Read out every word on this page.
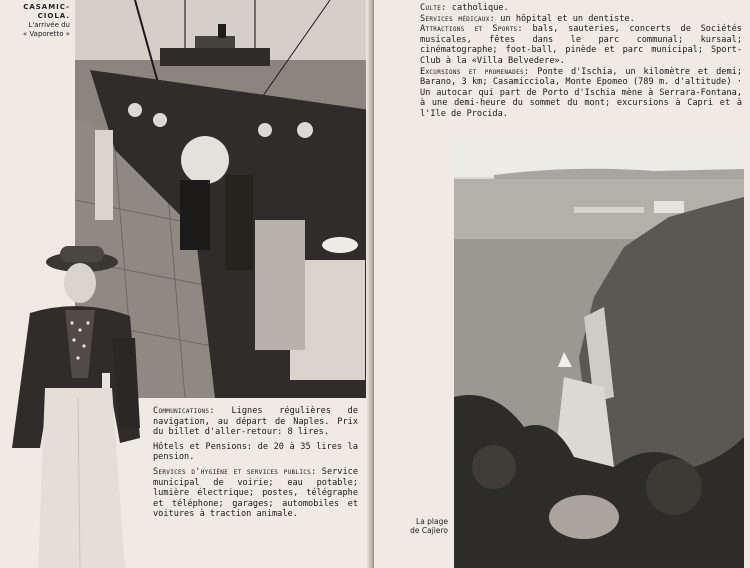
CASAMIC-
CIOLA.
L'arrivée du
« Vaporetto »

Communications: Lignes régulières de navigation, au départ de Naples. Prix du billet d'aller-retour: 8 lires.

Hôtels et Pensions: de 20 à 35 lires la pension.

Services d'hygiène et services publics: Service municipal de voirie; eau potable; lumière électrique; postes, télégraphe et téléphone; garages; automobiles et voitures à traction animale.

Culte: catholique.

Services médicaux: un hôpital et un dentiste.

Attractions et Sports: bals, sauteries, concerts de Sociétés musicales, fêtes dans le parc communal; kursaal; cinématographe; foot-ball, pinède et parc municipal; Sport-Club à la «Villa Belvedere».

Excursions et promenades: Ponte d'Ischia, un kilomètre et demi; Barano, 3 km; Casamicciola, Monte Epomeo (789 m. d'altitude) · Un autocar qui part de Porto d'Ischia mène à Serrara-Fontana, à une demi-heure du sommet du mont; excursions à Capri et à l'Ile de Procida.

La plage
de Cajiero
